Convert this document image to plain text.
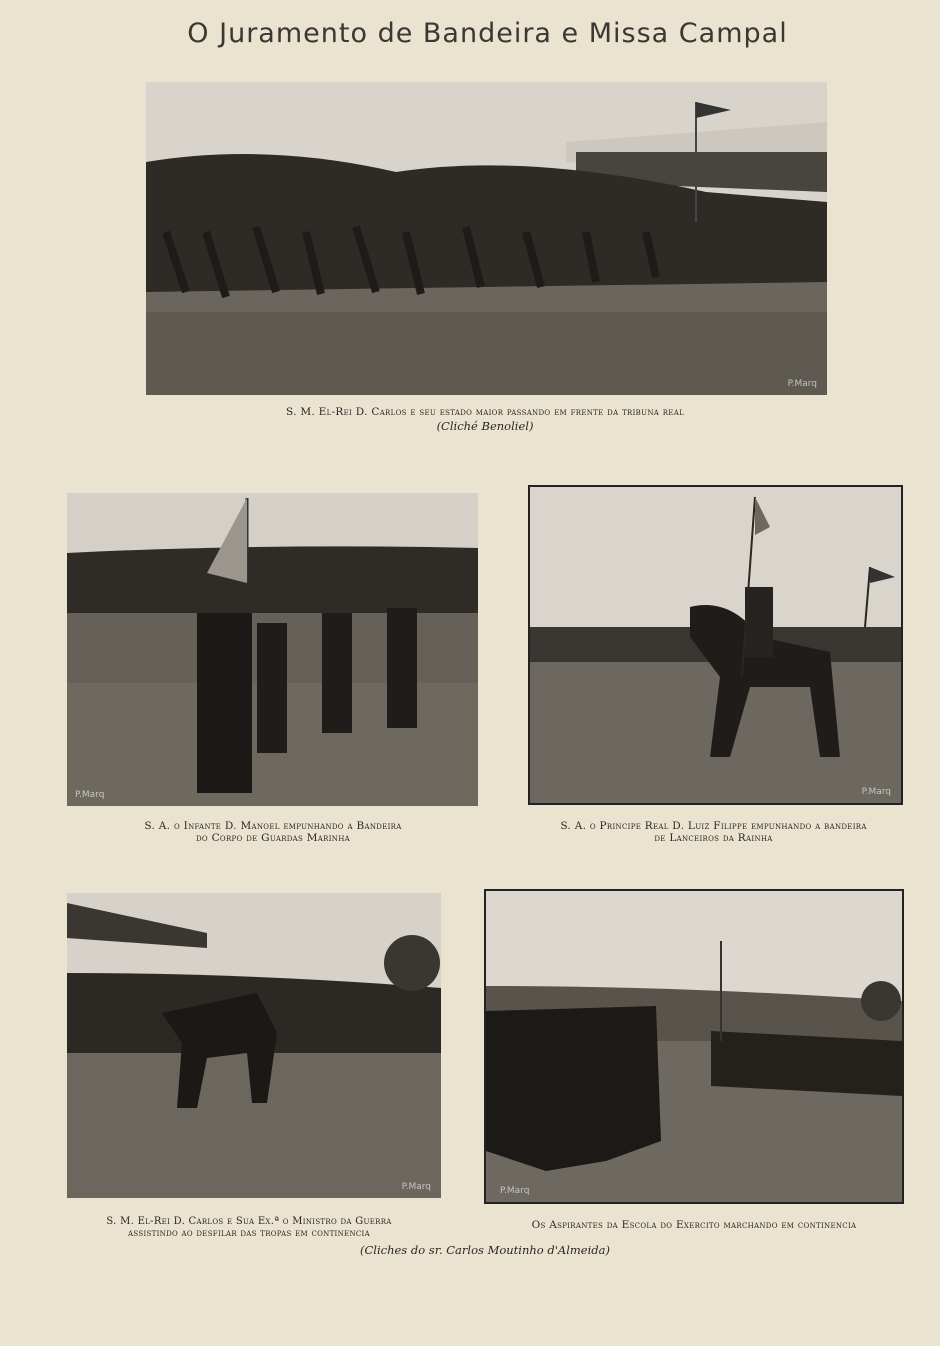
O Juramento de Bandeira e Missa Campal
P.Marq
S. M. El-Rei D. Carlos e seu estado maior passando em frente da tribuna real
(Cliché Benoliel)
P.Marq
S. A. o Infante D. Manoel empunhando a Bandeira
do Corpo de Guardas Marinha
P.Marq
S. A. o Principe Real D. Luiz Filippe empunhando a bandeira
de Lanceiros da Rainha
P.Marq
S. M. El-Rei D. Carlos e Sua Ex.ª o Ministro da Guerra
assistindo ao desfilar das tropas em continencia
P.Marq
Os Aspirantes da Escola do Exercito marchando em continencia
(Cliches do sr. Carlos Moutinho d'Almeida)
